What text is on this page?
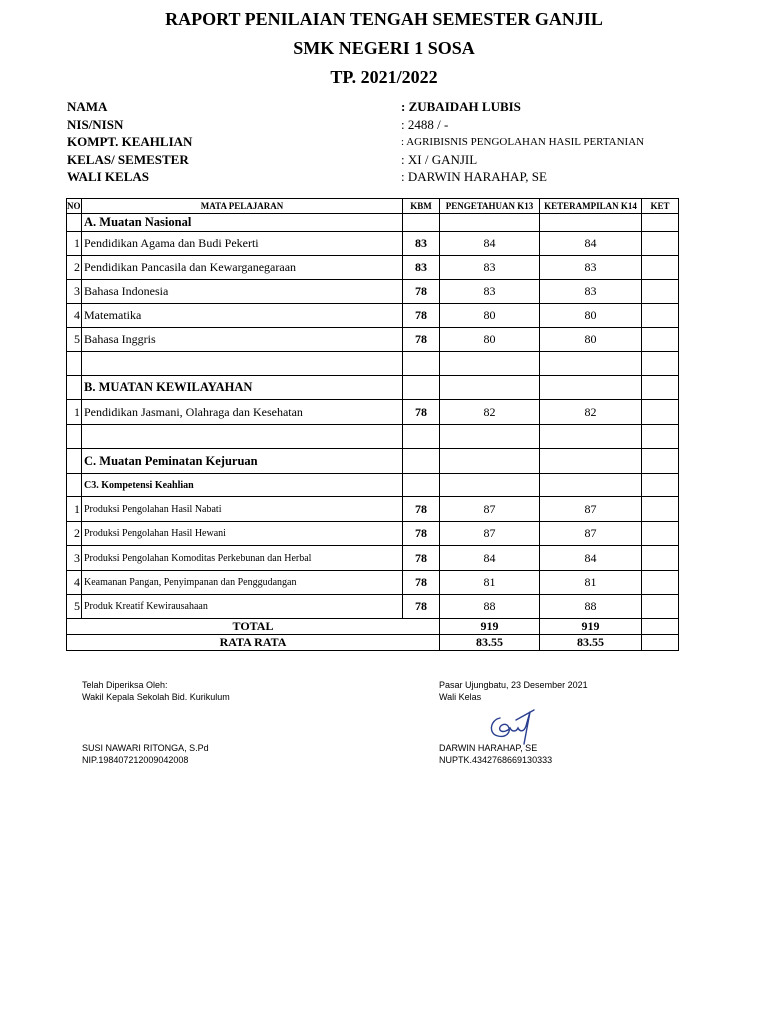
RAPORT PENILAIAN TENGAH SEMESTER GANJIL
SMK NEGERI 1 SOSA
TP. 2021/2022
NAMA	: ZUBAIDAH LUBIS
NIS/NISN	: 2488 / -
KOMPT. KEAHLIAN	: AGRIBISNIS PENGOLAHAN HASIL PERTANIAN
KELAS/ SEMESTER	: XI / GANJIL
WALI KELAS	: DARWIN HARAHAP, SE
NO	MATA PELAJARAN	KBM	PENGETAHUAN K13	KETERAMPILAN K14	KET
	A. Muatan Nasional				
1	Pendidikan Agama dan Budi Pekerti	83	84	84	
2	Pendidikan Pancasila dan Kewarganegaraan	83	83	83	
3	Bahasa Indonesia	78	83	83	
4	Matematika	78	80	80	
5	Bahasa Inggris	78	80	80	

	B. MUATAN KEWILAYAHAN				
1	Pendidikan Jasmani, Olahraga dan Kesehatan	78	82	82	

	C. Muatan Peminatan Kejuruan				
	C3. Kompetensi Keahlian				
1	Produksi Pengolahan Hasil Nabati	78	87	87	
2	Produksi Pengolahan Hasil Hewani	78	87	87	
3	Produksi Pengolahan Komoditas Perkebunan dan Herbal	78	84	84	
4	Keamanan Pangan, Penyimpanan dan Penggudangan	78	81	81	
5	Produk Kreatif Kewirausahaan	78	88	88	
TOTAL			919	919	
RATA RATA			83.55	83.55	
Telah Diperiksa Oleh:
Wakil Kepala Sekolah Bid. Kurikulum
SUSI NAWARI RITONGA, S.Pd
NIP.198407212009042008
Pasar Ujungbatu, 23 Desember 2021
Wali Kelas
DARWIN HARAHAP, SE
NUPTK.4342768669130333
